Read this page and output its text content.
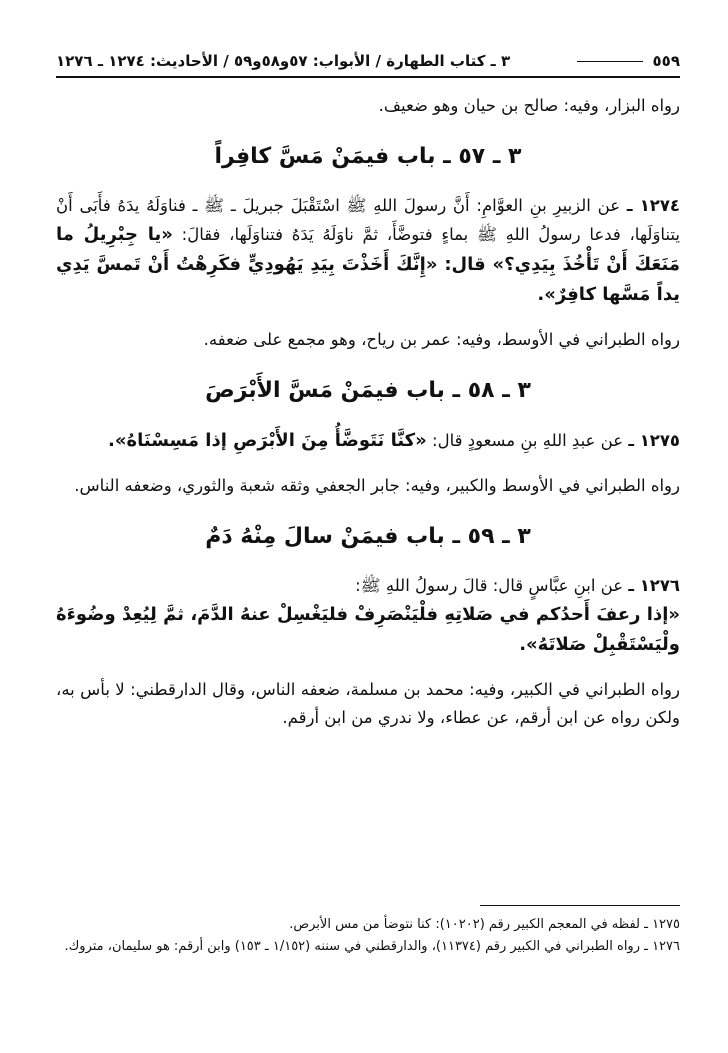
٥٥٩
٣ ـ كتاب الطهارة / الأبواب: ٥٧و٥٨و٥٩ / الأحاديث: ١٢٧٤ ـ ١٢٧٦

رواه البزار، وفيه: صالح بن حيان وهو ضعيف.

٣ ـ ٥٧ ـ باب فيمَنْ مَسَّ كافِراً

١٢٧٤ ـ عن الزبيرِ بنِ العوَّامِ: أَنَّ رسولَ اللهِ ﷺ اسْتَقْبَلَ جبريلَ ـ ﷺ ـ فناوَلَهُ يدَهُ فأَبَى أَنْ يتناوَلَها، فدعا رسولُ اللهِ ﷺ بماءٍ فتوضَّأَ، ثمَّ ناوَلَهُ يَدَهُ فتناوَلَها، فقالَ: «يا جِبْرِيلُ ما مَنَعَكَ أَنْ تَأْخُذَ بِيَدِي؟» قال: «إِنَّكَ أَخَذْتَ بِيَدِ يَهُودِيٍّ فكَرِهْتُ أَنْ تَمسَّ يَدِي يداً مَسَّها كافِرٌ».

رواه الطبراني في الأوسط، وفيه: عمر بن رياح، وهو مجمع على ضعفه.

٣ ـ ٥٨ ـ باب فيمَنْ مَسَّ الأَبْرَصَ

١٢٧٥ ـ عن عبدِ اللهِ بنِ مسعودٍ قال: «كنَّا نَتَوضَّأُ مِنَ الأَبْرَصِ إذا مَسِسْنَاهُ».

رواه الطبراني في الأوسط والكبير، وفيه: جابر الجعفي وثقه شعبة والثوري، وضعفه الناس.

٣ ـ ٥٩ ـ باب فيمَنْ سالَ مِنْهُ دَمٌ

١٢٧٦ ـ عن ابنِ عبَّاسٍ قال: قالَ رسولُ اللهِ ﷺ:

«إذا رعفَ أَحدُكم في صَلاتِهِ فلْيَنْصَرِفْ فليَغْسِلْ عنهُ الدَّمَ، ثمَّ لِيُعِدْ وضُوءَهُ ولْيَسْتَقْبِلْ صَلاتَهُ».

رواه الطبراني في الكبير، وفيه: محمد بن مسلمة، ضعفه الناس، وقال الدارقطني: لا بأس به، ولكن رواه عن ابن أرقم، عن عطاء، ولا ندري من ابن أرقم.

١٢٧٥ ـ لفظه في المعجم الكبير رقم (١٠٢٠٢): كنا نتوضأ من مس الأبرص.

١٢٧٦ ـ رواه الطبراني في الكبير رقم (١١٣٧٤)، والدارقطني في سننه (١/١٥٢ ـ ١٥٣) وابن أرقم: هو سليمان، متروك.
